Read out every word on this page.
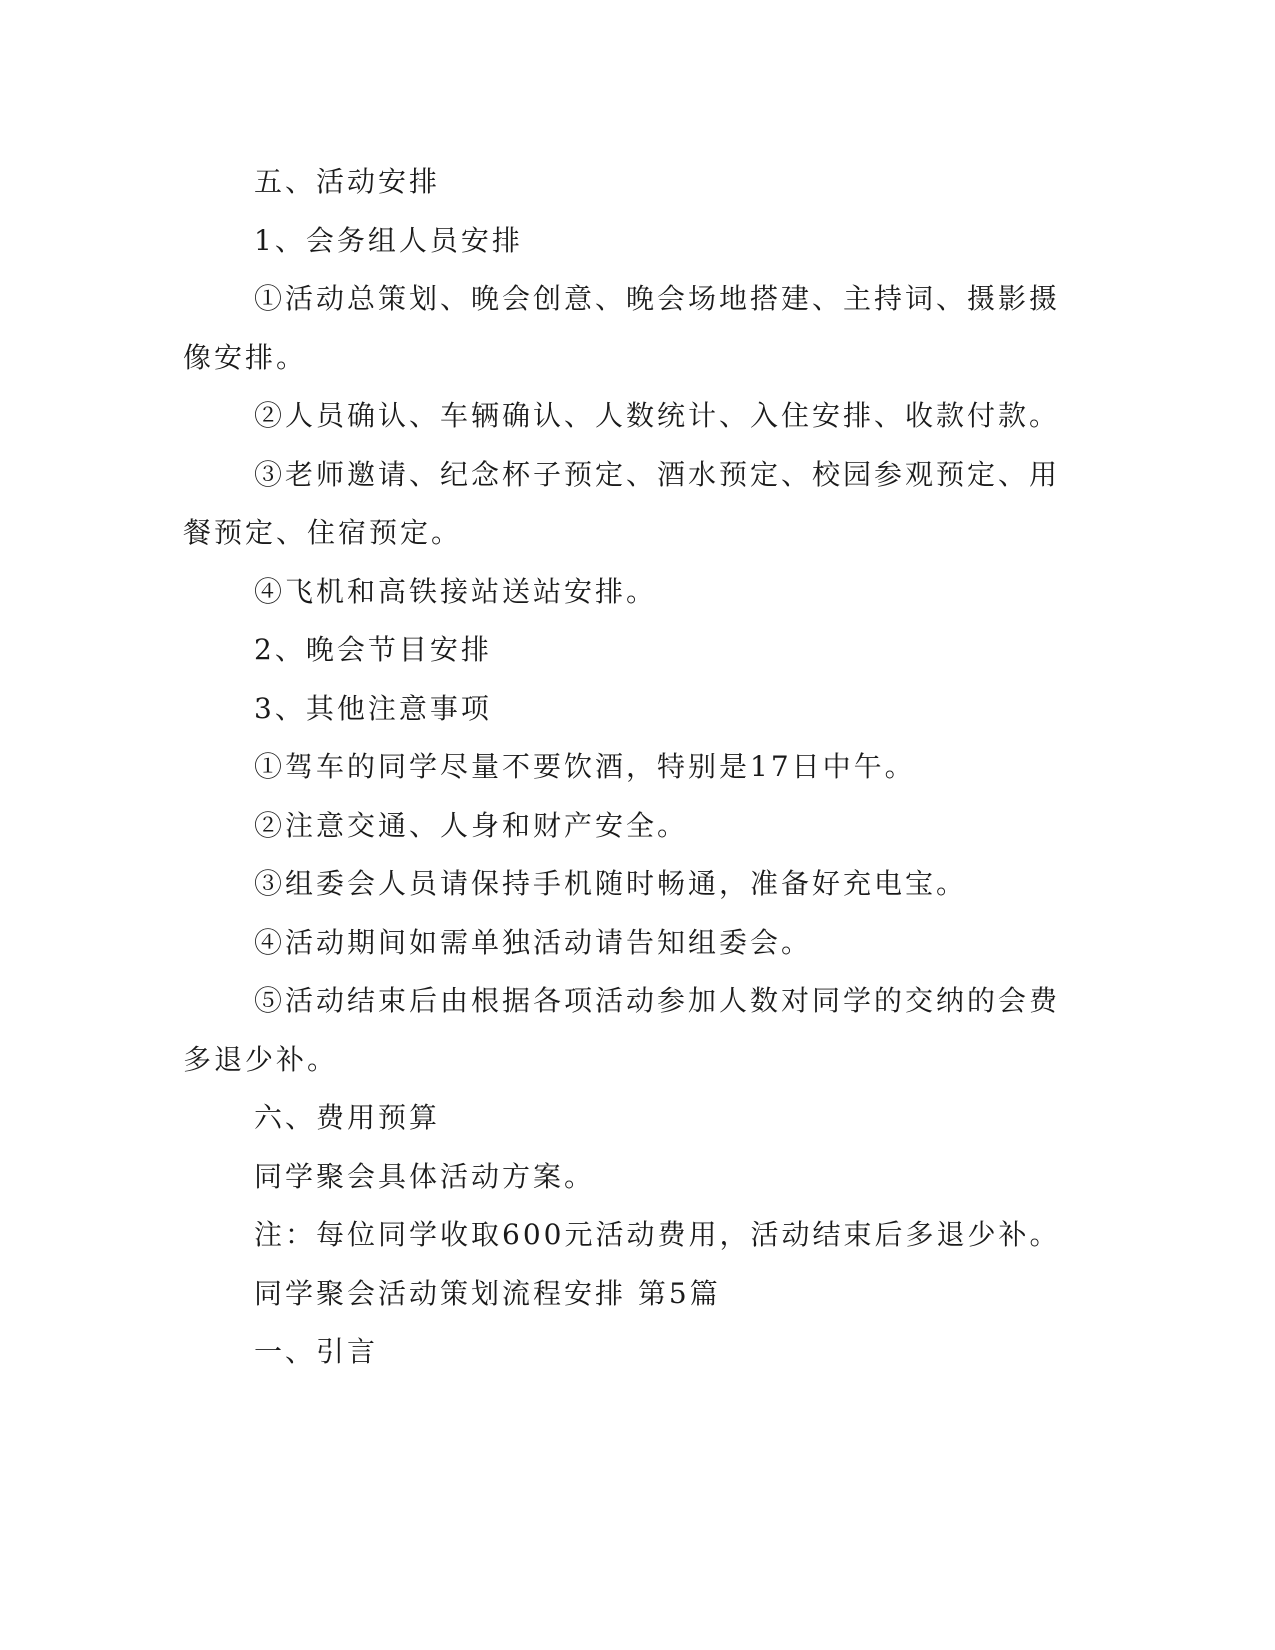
五、活动安排

1、会务组人员安排

①活动总策划、晚会创意、晚会场地搭建、主持词、摄影摄像安排。

②人员确认、车辆确认、人数统计、入住安排、收款付款。

③老师邀请、纪念杯子预定、酒水预定、校园参观预定、用餐预定、住宿预定。

④飞机和高铁接站送站安排。

2、晚会节目安排

3、其他注意事项

①驾车的同学尽量不要饮酒，特别是17日中午。

②注意交通、人身和财产安全。

③组委会人员请保持手机随时畅通，准备好充电宝。

④活动期间如需单独活动请告知组委会。

⑤活动结束后由根据各项活动参加人数对同学的交纳的会费多退少补。

六、费用预算

同学聚会具体活动方案。

注：每位同学收取600元活动费用，活动结束后多退少补。

同学聚会活动策划流程安排 第5篇

一、引言
